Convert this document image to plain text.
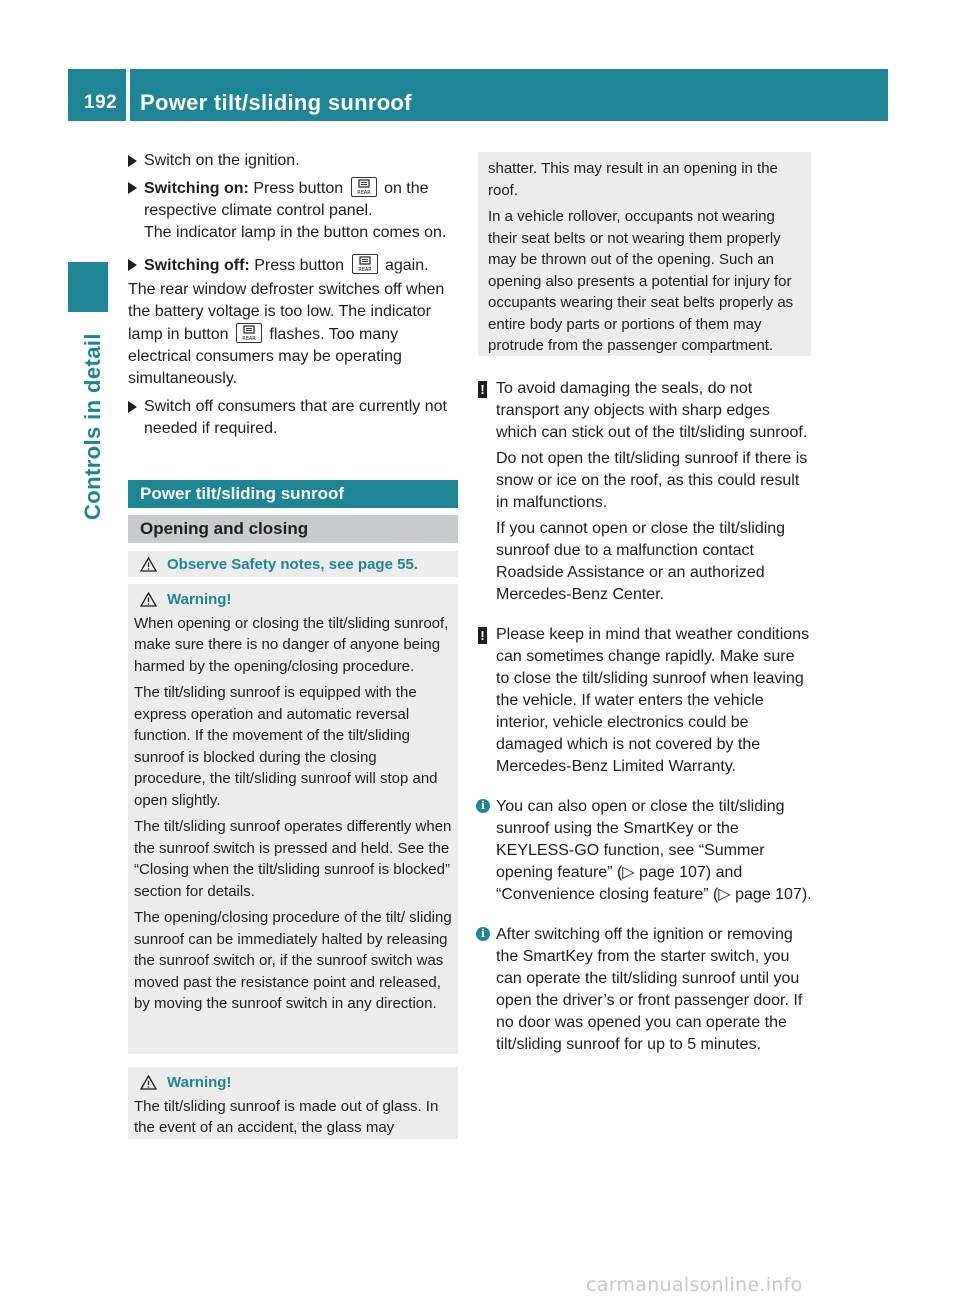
192 Power tilt/sliding sunroof
Controls in detail

Switch on the ignition.

Switching on: Press button	REAR on the respective climate control panel.
The indicator lamp in the button comes on.

Switching off: Press button	REAR again.

The rear window defroster switches off when the battery voltage is too low. The indicator lamp in button	REAR flashes. Too many electrical consumers may be operating simultaneously.

Switch off consumers that are currently not needed if required.

Power tilt/sliding sunroof
Opening and closing
Observe Safety notes, see page 55.
Warning!

When opening or closing the tilt/sliding sunroof, make sure there is no danger of anyone being harmed by the opening/closing procedure.

The tilt/sliding sunroof is equipped with the express operation and automatic reversal function. If the movement of the tilt/sliding sunroof is blocked during the closing procedure, the tilt/sliding sunroof will stop and open slightly.

The tilt/sliding sunroof operates differently when the sunroof switch is pressed and held. See the “Closing when the tilt/sliding sunroof is blocked” section for details.

The opening/closing procedure of the tilt/ sliding sunroof can be immediately halted by releasing the sunroof switch or, if the sunroof switch was moved past the resistance point and released, by moving the sunroof switch in any direction.

Warning!

The tilt/sliding sunroof is made out of glass. In the event of an accident, the glass may

shatter. This may result in an opening in the roof.

In a vehicle rollover, occupants not wearing their seat belts or not wearing them properly may be thrown out of the opening. Such an opening also presents a potential for injury for occupants wearing their seat belts properly as entire body parts or portions of them may protrude from the passenger compartment.

! To avoid damaging the seals, do not transport any objects with sharp edges which can stick out of the tilt/sliding sunroof.

Do not open the tilt/sliding sunroof if there is snow or ice on the roof, as this could result in malfunctions.

If you cannot open or close the tilt/sliding sunroof due to a malfunction contact Roadside Assistance or an authorized Mercedes-Benz Center.

! Please keep in mind that weather conditions can sometimes change rapidly. Make sure to close the tilt/sliding sunroof when leaving the vehicle. If water enters the vehicle interior, vehicle electronics could be damaged which is not covered by the Mercedes-Benz Limited Warranty.

i You can also open or close the tilt/sliding sunroof using the SmartKey or the KEYLESS-GO function, see “Summer opening feature” (▷ page 107) and “Convenience closing feature” (▷ page 107).

i After switching off the ignition or removing the SmartKey from the starter switch, you can operate the tilt/sliding sunroof until you open the driver’s or front passenger door. If no door was opened you can operate the tilt/sliding sunroof for up to 5 minutes.

carmanualsonline.info
